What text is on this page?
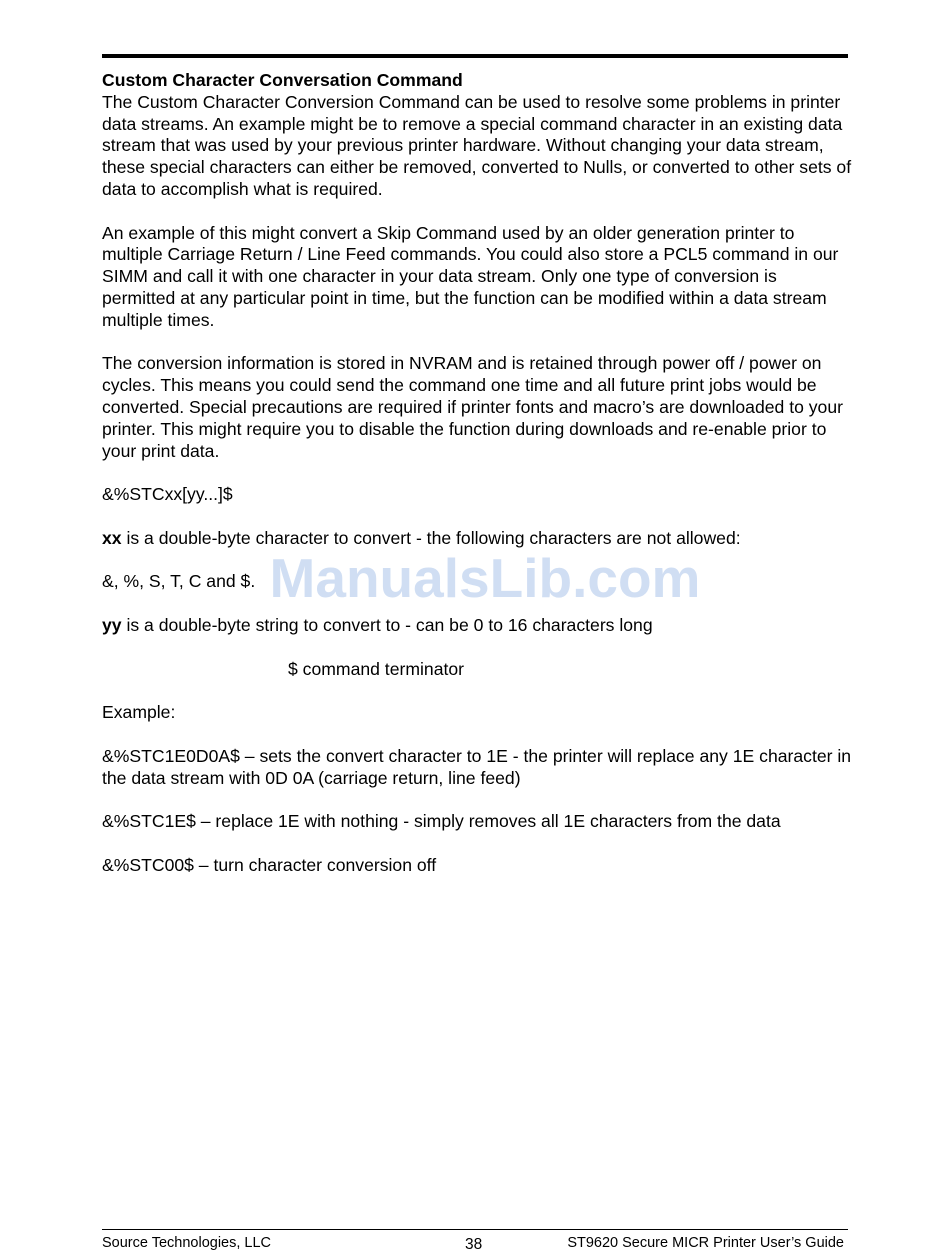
Custom Character Conversation Command

The Custom Character Conversion Command can be used to resolve some problems in printer data streams. An example might be to remove a special command character in an existing data stream that was used by your previous printer hardware. Without changing your data stream, these special characters can either be removed, converted to Nulls, or converted to other sets of data to accomplish what is required.

An example of this might convert a Skip Command used by an older generation printer to multiple Carriage Return / Line Feed commands. You could also store a PCL5 command in our SIMM and call it with one character in your data stream. Only one type of conversion is permitted at any particular point in time, but the function can be modified within a data stream multiple times.

The conversion information is stored in NVRAM and is retained through power off / power on cycles. This means you could send the command one time and all future print jobs would be converted. Special precautions are required if printer fonts and macro’s are downloaded to your printer. This might require you to disable the function during downloads and re-enable prior to your print data.

&%STCxx[yy...]$

xx is a double-byte character to convert - the following characters are not allowed:

&, %, S, T, C and $.

yy is a double-byte string to convert to - can be 0 to 16 characters long

$ command terminator

Example:

&%STC1E0D0A$ – sets the convert character to 1E - the printer will replace any 1E character in the data stream with 0D 0A (carriage return, line feed)

&%STC1E$ – replace 1E with nothing - simply removes all 1E characters from the data

&%STC00$ – turn character conversion off

ManualsLib.com
Source Technologies, LLC	38	ST9620 Secure MICR Printer User’s Guide
